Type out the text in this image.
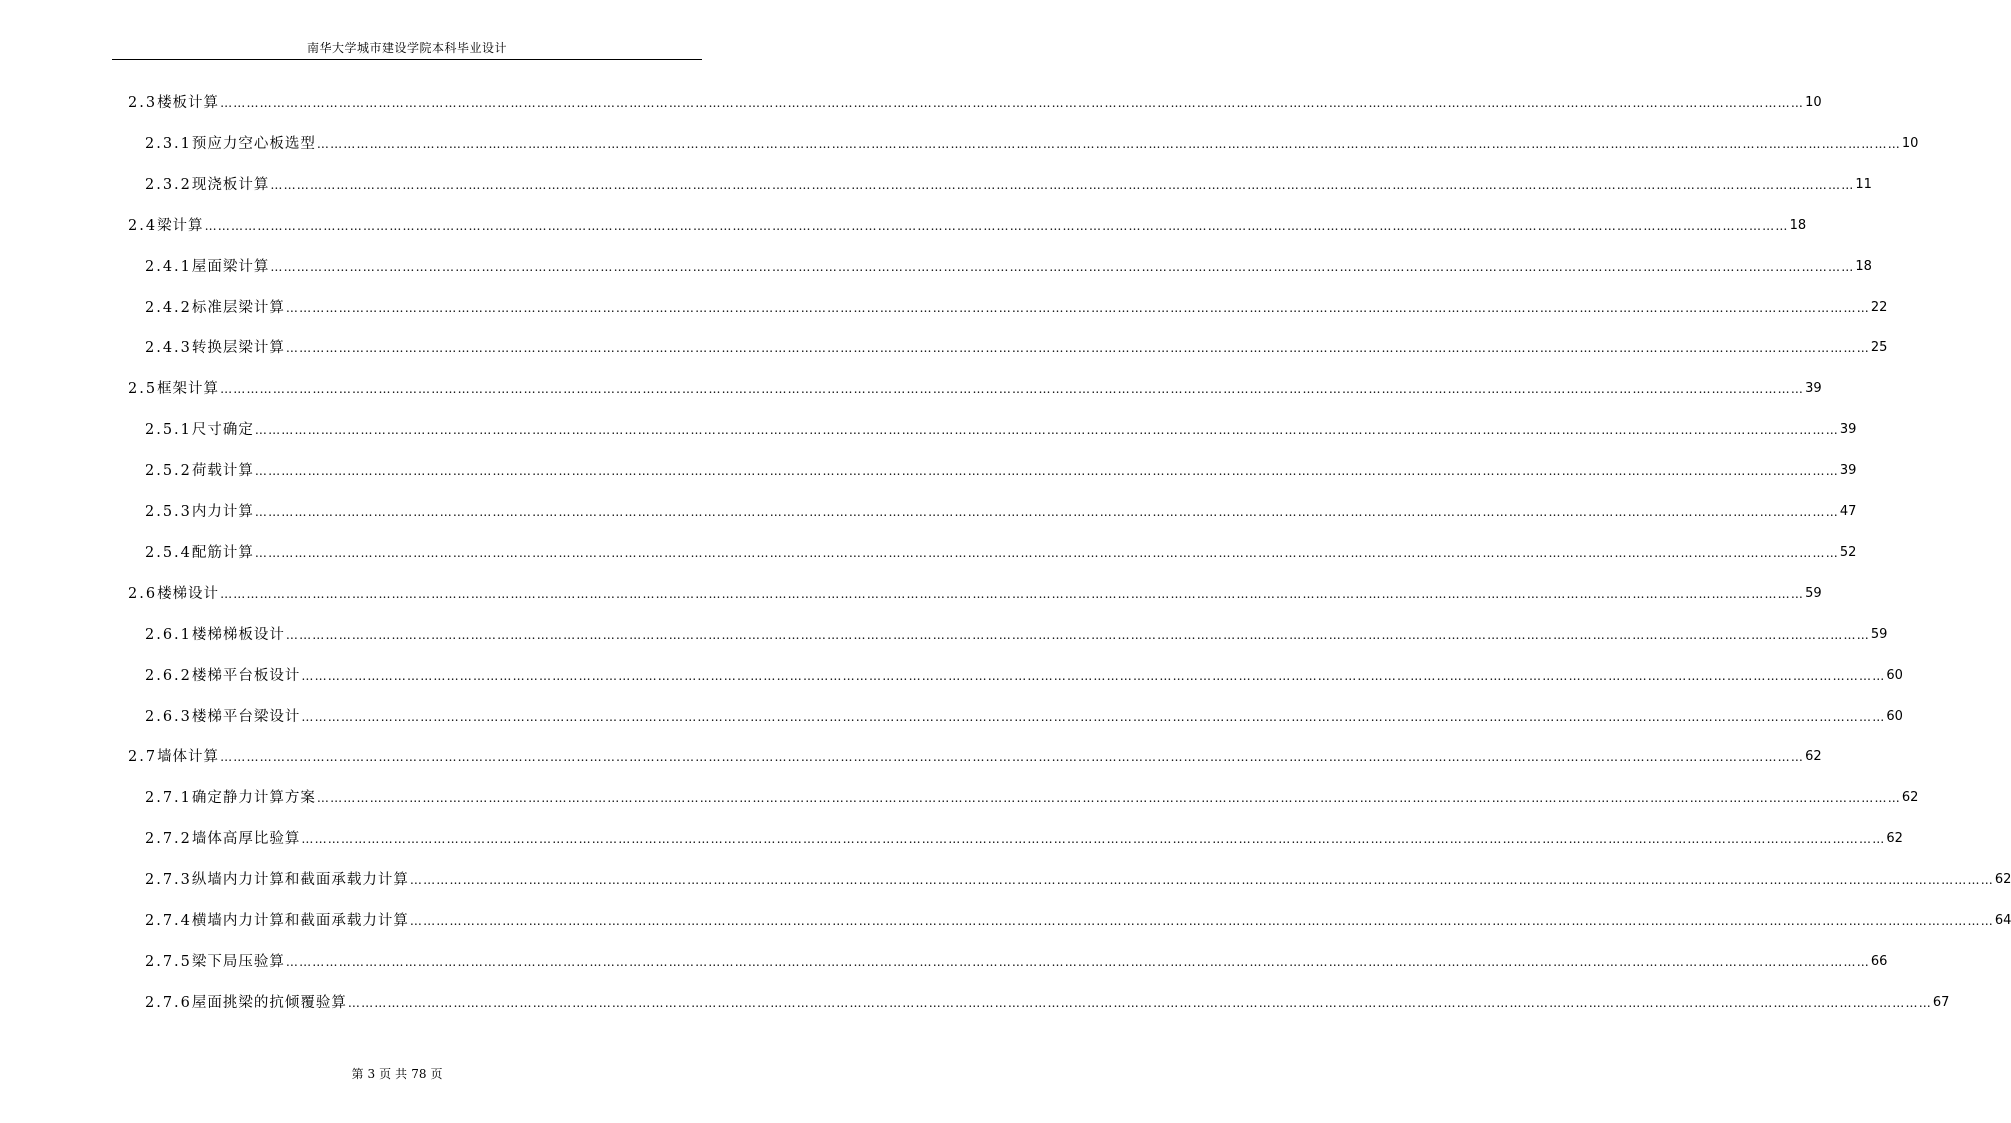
南华大学城市建设学院本科毕业设计
2.3 楼板计算 ……………………………………………………………………………………………………………………………………………………………………………………………………………………………………………………………………………………………………………………………… 10
2.3.1 预应力空心板选型 ……………………………………………………………………………………………………………………………………………………………………………………………………………………………………………………………………………………………………………………………… 10
2.3.2 现浇板计算 ……………………………………………………………………………………………………………………………………………………………………………………………………………………………………………………………………………………………………………………………… 11
2.4 梁计算 ……………………………………………………………………………………………………………………………………………………………………………………………………………………………………………………………………………………………………………………………… 18
2.4.1 屋面梁计算 ……………………………………………………………………………………………………………………………………………………………………………………………………………………………………………………………………………………………………………………………… 18
2.4.2 标准层梁计算 ……………………………………………………………………………………………………………………………………………………………………………………………………………………………………………………………………………………………………………………………… 22
2.4.3 转换层梁计算 ……………………………………………………………………………………………………………………………………………………………………………………………………………………………………………………………………………………………………………………………… 25
2.5 框架计算 ……………………………………………………………………………………………………………………………………………………………………………………………………………………………………………………………………………………………………………………………… 39
2.5.1 尺寸确定 ……………………………………………………………………………………………………………………………………………………………………………………………………………………………………………………………………………………………………………………………… 39
2.5.2 荷载计算 ……………………………………………………………………………………………………………………………………………………………………………………………………………………………………………………………………………………………………………………………… 39
2.5.3 内力计算 ……………………………………………………………………………………………………………………………………………………………………………………………………………………………………………………………………………………………………………………………… 47
2.5.4 配筋计算 ……………………………………………………………………………………………………………………………………………………………………………………………………………………………………………………………………………………………………………………………… 52
2.6 楼梯设计 ……………………………………………………………………………………………………………………………………………………………………………………………………………………………………………………………………………………………………………………………… 59
2.6.1 楼梯梯板设计 ……………………………………………………………………………………………………………………………………………………………………………………………………………………………………………………………………………………………………………………………… 59
2.6.2 楼梯平台板设计 ……………………………………………………………………………………………………………………………………………………………………………………………………………………………………………………………………………………………………………………………… 60
2.6.3 楼梯平台梁设计 ……………………………………………………………………………………………………………………………………………………………………………………………………………………………………………………………………………………………………………………………… 60
2.7 墙体计算 ……………………………………………………………………………………………………………………………………………………………………………………………………………………………………………………………………………………………………………………………… 62
2.7.1 确定静力计算方案 ……………………………………………………………………………………………………………………………………………………………………………………………………………………………………………………………………………………………………………………………… 62
2.7.2 墙体高厚比验算 ……………………………………………………………………………………………………………………………………………………………………………………………………………………………………………………………………………………………………………………………… 62
2.7.3 纵墙内力计算和截面承载力计算 ……………………………………………………………………………………………………………………………………………………………………………………………………………………………………………………………………………………………………………………………… 62
2.7.4 横墙内力计算和截面承载力计算 ……………………………………………………………………………………………………………………………………………………………………………………………………………………………………………………………………………………………………………………………… 64
2.7.5 梁下局压验算 ……………………………………………………………………………………………………………………………………………………………………………………………………………………………………………………………………………………………………………………………… 66
2.7.6 屋面挑梁的抗倾覆验算 ……………………………………………………………………………………………………………………………………………………………………………………………………………………………………………………………………………………………………………………………… 67
第 3 页 共 78 页
